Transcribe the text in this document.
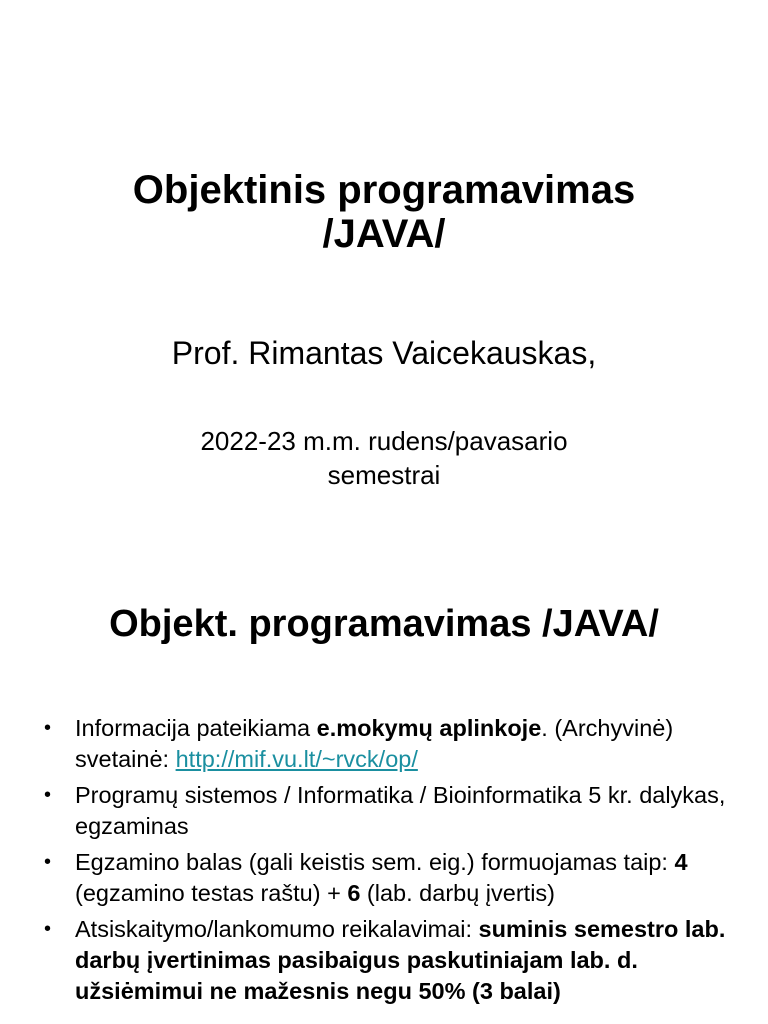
Objektinis programavimas
/JAVA/
Prof. Rimantas Vaicekauskas,
2022-23 m.m. rudens/pavasario
semestrai
Objekt. programavimas /JAVA/
• Informacija pateikiama e.mokymų aplinkoje. (Archyvinė) svetainė: http://mif.vu.lt/~rvck/op/
• Programų sistemos / Informatika / Bioinformatika 5 kr. dalykas, egzaminas
• Egzamino balas (gali keistis sem. eig.) formuojamas taip: 4 (egzamino testas raštu) + 6 (lab. darbų įvertis)
• Atsiskaitymo/lankomumo reikalavimai: suminis semestro lab. darbų įvertinimas pasibaigus paskutiniajam lab. d. užsiėmimui ne mažesnis negu 50% (3 balai)
